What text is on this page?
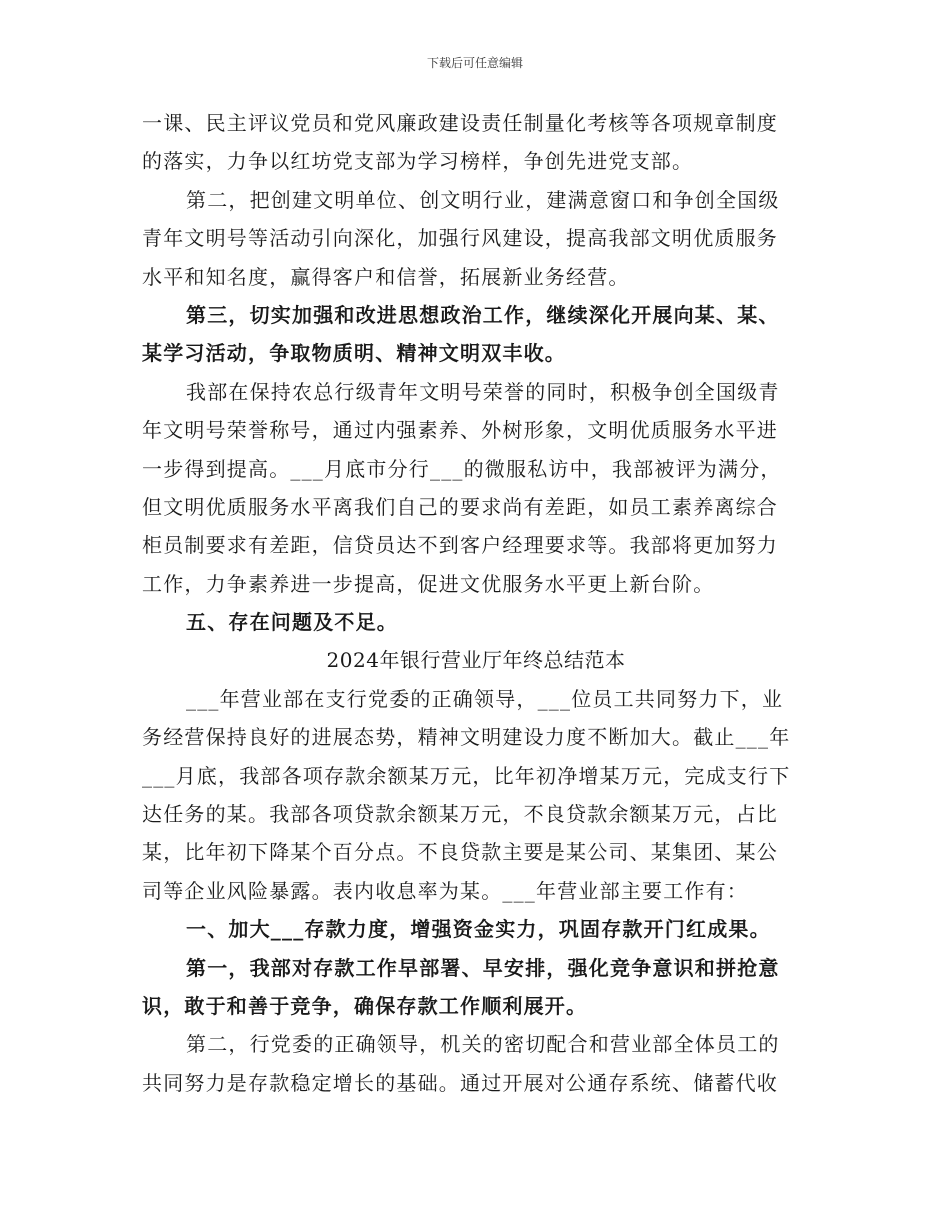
下载后可任意编辑
一课、民主评议党员和党风廉政建设责任制量化考核等各项规章制度
的落实，力争以红坊党支部为学习榜样，争创先进党支部。
第二，把创建文明单位、创文明行业，建满意窗口和争创全国级
青年文明号等活动引向深化，加强行风建设，提高我部文明优质服务
水平和知名度，赢得客户和信誉，拓展新业务经营。
第三，切实加强和改进思想政治工作，继续深化开展向某、某、
某学习活动，争取物质明、精神文明双丰收。
我部在保持农总行级青年文明号荣誉的同时，积极争创全国级青
年文明号荣誉称号，通过内强素养、外树形象，文明优质服务水平进
一步得到提高。___月底市分行___的微服私访中，我部被评为满分，
但文明优质服务水平离我们自己的要求尚有差距，如员工素养离综合
柜员制要求有差距，信贷员达不到客户经理要求等。我部将更加努力
工作，力争素养进一步提高，促进文优服务水平更上新台阶。
五、存在问题及不足。
2024年银行营业厅年终总结范本
___年营业部在支行党委的正确领导，___位员工共同努力下，业
务经营保持良好的进展态势，精神文明建设力度不断加大。截止___年
___月底，我部各项存款余额某万元，比年初净增某万元，完成支行下
达任务的某。我部各项贷款余额某万元，不良贷款余额某万元，占比
某，比年初下降某个百分点。不良贷款主要是某公司、某集团、某公
司等企业风险暴露。表内收息率为某。___年营业部主要工作有：
一、加大___存款力度，增强资金实力，巩固存款开门红成果。
第一，我部对存款工作早部署、早安排，强化竞争意识和拼抢意
识，敢于和善于竞争，确保存款工作顺利展开。
第二，行党委的正确领导，机关的密切配合和营业部全体员工的
共同努力是存款稳定增长的基础。通过开展对公通存系统、储蓄代收
